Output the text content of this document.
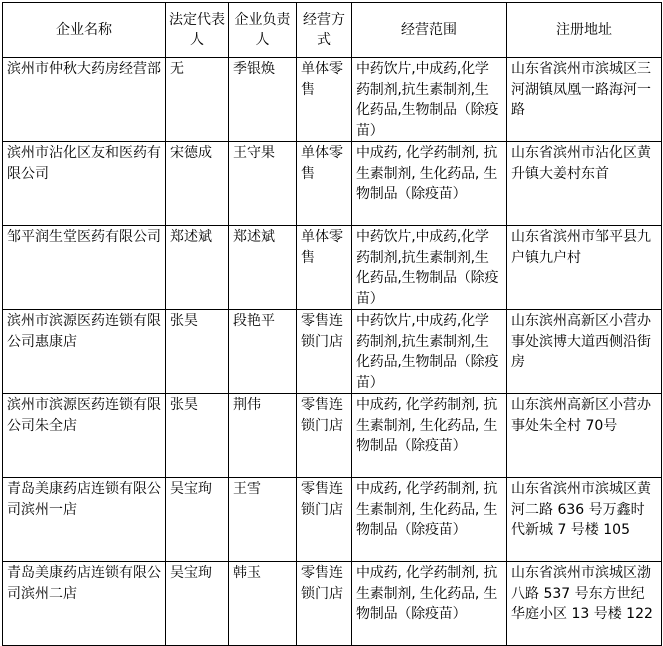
企业名称	法定代表人	企业负责人	经营方式	经营范围	注册地址
滨州市仲秋大药房经营部	无	季银焕	单体零售	中药饮片,中成药,化学药制剂,抗生素制剂,生化药品,生物制品（除疫苗）	山东省滨州市滨城区三河湖镇凤凰一路海河一路
滨州市沾化区友和医药有限公司	宋德成	王守果	单体零售	中成药, 化学药制剂, 抗生素制剂, 生化药品, 生物制品（除疫苗）	山东省滨州市沾化区黄升镇大姜村东首
邹平润生堂医药有限公司	郑述斌	郑述斌	单体零售	中药饮片,中成药,化学药制剂,抗生素制剂,生化药品,生物制品（除疫苗）	山东省滨州市邹平县九户镇九户村
滨州市滨源医药连锁有限公司惠康店	张昊	段艳平	零售连锁门店	中药饮片,中成药,化学药制剂,抗生素制剂,生化药品,生物制品（除疫苗）	山东滨州高新区小营办事处滨博大道西侧沿街房
滨州市滨源医药连锁有限公司朱全店	张昊	荆伟	零售连锁门店	中成药, 化学药制剂, 抗生素制剂, 生化药品, 生物制品（除疫苗）	山东滨州高新区小营办事处朱全村 70号
青岛美康药店连锁有限公司滨州一店	吴宝珣	王雪	零售连锁门店	中成药, 化学药制剂, 抗生素制剂, 生化药品, 生物制品（除疫苗）	山东省滨州市滨城区黄河二路 636 号万鑫时代新城 7 号楼 105
青岛美康药店连锁有限公司滨州二店	吴宝珣	韩玉	零售连锁门店	中成药, 化学药制剂, 抗生素制剂, 生化药品, 生物制品（除疫苗）	山东省滨州市滨城区渤八路 537 号东方世纪华庭小区 13 号楼 122
